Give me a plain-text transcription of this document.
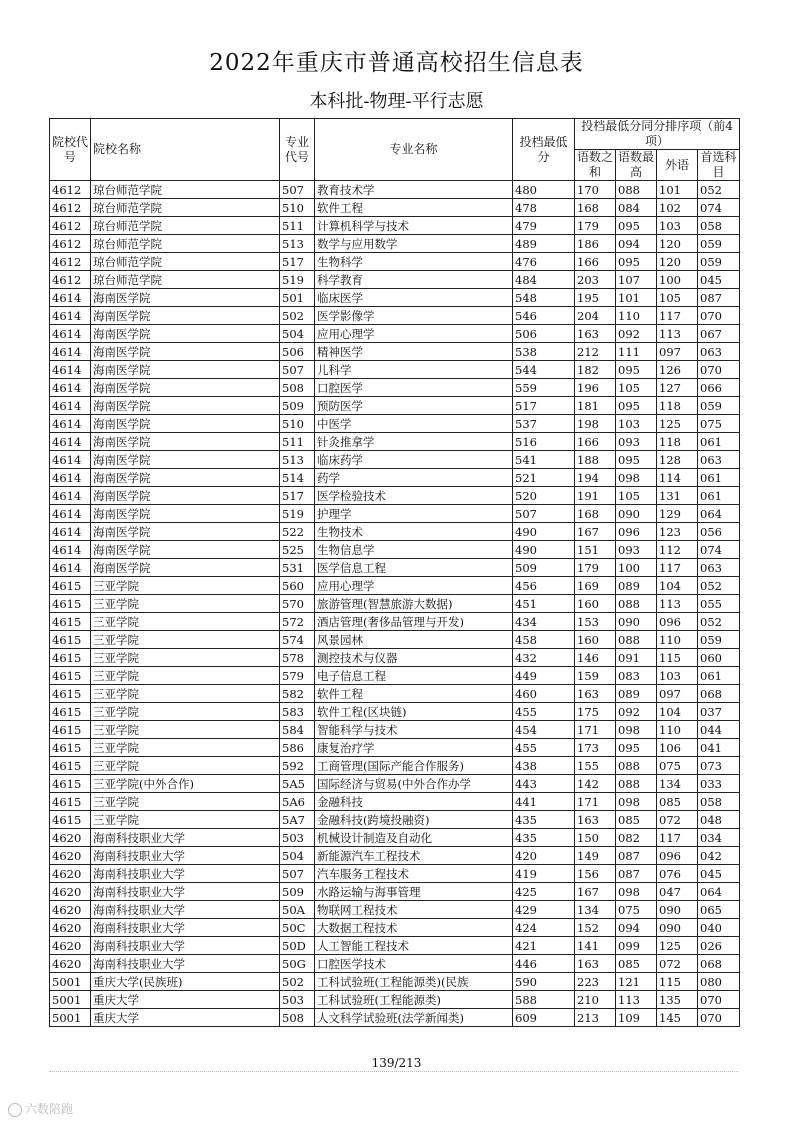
2022年重庆市普通高校招生信息表
本科批-物理-平行志愿
院校代号	院校名称	专业代号	专业名称	投档最低分	投档最低分同分排序项（前4项）			
					语数之和	语数最高	外语	首选科目
4612	琼台师范学院	507	教育技术学	480	170	088	101	052
4612	琼台师范学院	510	软件工程	478	168	084	102	074
4612	琼台师范学院	511	计算机科学与技术	479	179	095	103	058
4612	琼台师范学院	513	数学与应用数学	489	186	094	120	059
4612	琼台师范学院	517	生物科学	476	166	095	120	059
4612	琼台师范学院	519	科学教育	484	203	107	100	045
4614	海南医学院	501	临床医学	548	195	101	105	087
4614	海南医学院	502	医学影像学	546	204	110	117	070
4614	海南医学院	504	应用心理学	506	163	092	113	067
4614	海南医学院	506	精神医学	538	212	111	097	063
4614	海南医学院	507	儿科学	544	182	095	126	070
4614	海南医学院	508	口腔医学	559	196	105	127	066
4614	海南医学院	509	预防医学	517	181	095	118	059
4614	海南医学院	510	中医学	537	198	103	125	075
4614	海南医学院	511	针灸推拿学	516	166	093	118	061
4614	海南医学院	513	临床药学	541	188	095	128	063
4614	海南医学院	514	药学	521	194	098	114	061
4614	海南医学院	517	医学检验技术	520	191	105	131	061
4614	海南医学院	519	护理学	507	168	090	129	064
4614	海南医学院	522	生物技术	490	167	096	123	056
4614	海南医学院	525	生物信息学	490	151	093	112	074
4614	海南医学院	531	医学信息工程	509	179	100	117	063
4615	三亚学院	560	应用心理学	456	169	089	104	052
4615	三亚学院	570	旅游管理(智慧旅游大数据)	451	160	088	113	055
4615	三亚学院	572	酒店管理(奢侈品管理与开发)	434	153	090	096	052
4615	三亚学院	574	风景园林	458	160	088	110	059
4615	三亚学院	578	测控技术与仪器	432	146	091	115	060
4615	三亚学院	579	电子信息工程	449	159	083	103	061
4615	三亚学院	582	软件工程	460	163	089	097	068
4615	三亚学院	583	软件工程(区块链)	455	175	092	104	037
4615	三亚学院	584	智能科学与技术	454	171	098	110	044
4615	三亚学院	586	康复治疗学	455	173	095	106	041
4615	三亚学院	592	工商管理(国际产能合作服务)	438	155	088	075	073
4615	三亚学院(中外合作)	5A5	国际经济与贸易(中外合作办学	443	142	088	134	033
4615	三亚学院	5A6	金融科技	441	171	098	085	058
4615	三亚学院	5A7	金融科技(跨境投融资)	435	163	085	072	048
4620	海南科技职业大学	503	机械设计制造及自动化	435	150	082	117	034
4620	海南科技职业大学	504	新能源汽车工程技术	420	149	087	096	042
4620	海南科技职业大学	507	汽车服务工程技术	419	156	087	076	045
4620	海南科技职业大学	509	水路运输与海事管理	425	167	098	047	064
4620	海南科技职业大学	50A	物联网工程技术	429	134	075	090	065
4620	海南科技职业大学	50C	大数据工程技术	424	152	094	090	040
4620	海南科技职业大学	50D	人工智能工程技术	421	141	099	125	026
4620	海南科技职业大学	50G	口腔医学技术	446	163	085	072	068
5001	重庆大学(民族班)	502	工科试验班(工程能源类)(民族	590	223	121	115	080
5001	重庆大学	503	工科试验班(工程能源类)	588	210	113	135	070
5001	重庆大学	508	人文科学试验班(法学新闻类)	609	213	109	145	070
139/213
六数陪跑
